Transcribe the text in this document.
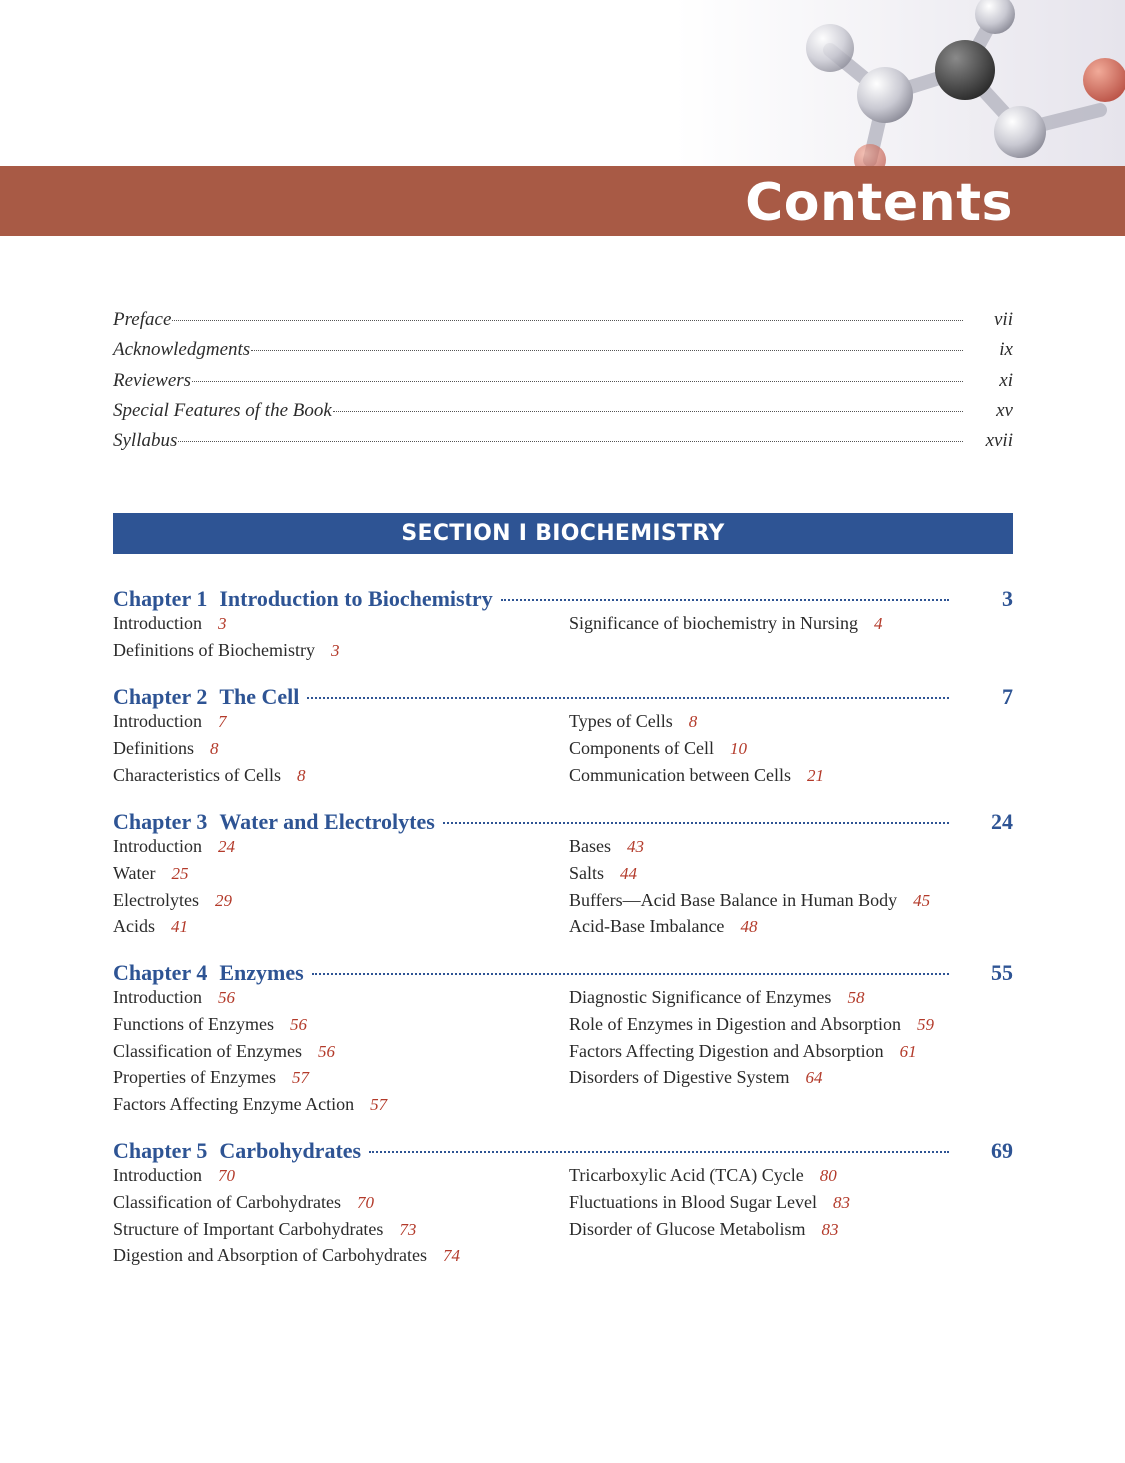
Contents
Preface	vii
Acknowledgments	ix
Reviewers	xi
Special Features of the Book	xv
Syllabus	xvii
SECTION I BIOCHEMISTRY
Chapter 1 Introduction to Biochemistry	3
Introduction 3
Definitions of Biochemistry 3
Significance of biochemistry in Nursing 4
Chapter 2 The Cell	7
Introduction 7
Definitions 8
Characteristics of Cells 8
Types of Cells 8
Components of Cell 10
Communication between Cells 21
Chapter 3 Water and Electrolytes	24
Introduction 24
Water 25
Electrolytes 29
Acids 41
Bases 43
Salts 44
Buffers—Acid Base Balance in Human Body 45
Acid-Base Imbalance 48
Chapter 4 Enzymes	55
Introduction 56
Functions of Enzymes 56
Classification of Enzymes 56
Properties of Enzymes 57
Factors Affecting Enzyme Action 57
Diagnostic Significance of Enzymes 58
Role of Enzymes in Digestion and Absorption 59
Factors Affecting Digestion and Absorption 61
Disorders of Digestive System 64
Chapter 5 Carbohydrates	69
Introduction 70
Classification of Carbohydrates 70
Structure of Important Carbohydrates 73
Digestion and Absorption of Carbohydrates 74
Tricarboxylic Acid (TCA) Cycle 80
Fluctuations in Blood Sugar Level 83
Disorder of Glucose Metabolism 83
